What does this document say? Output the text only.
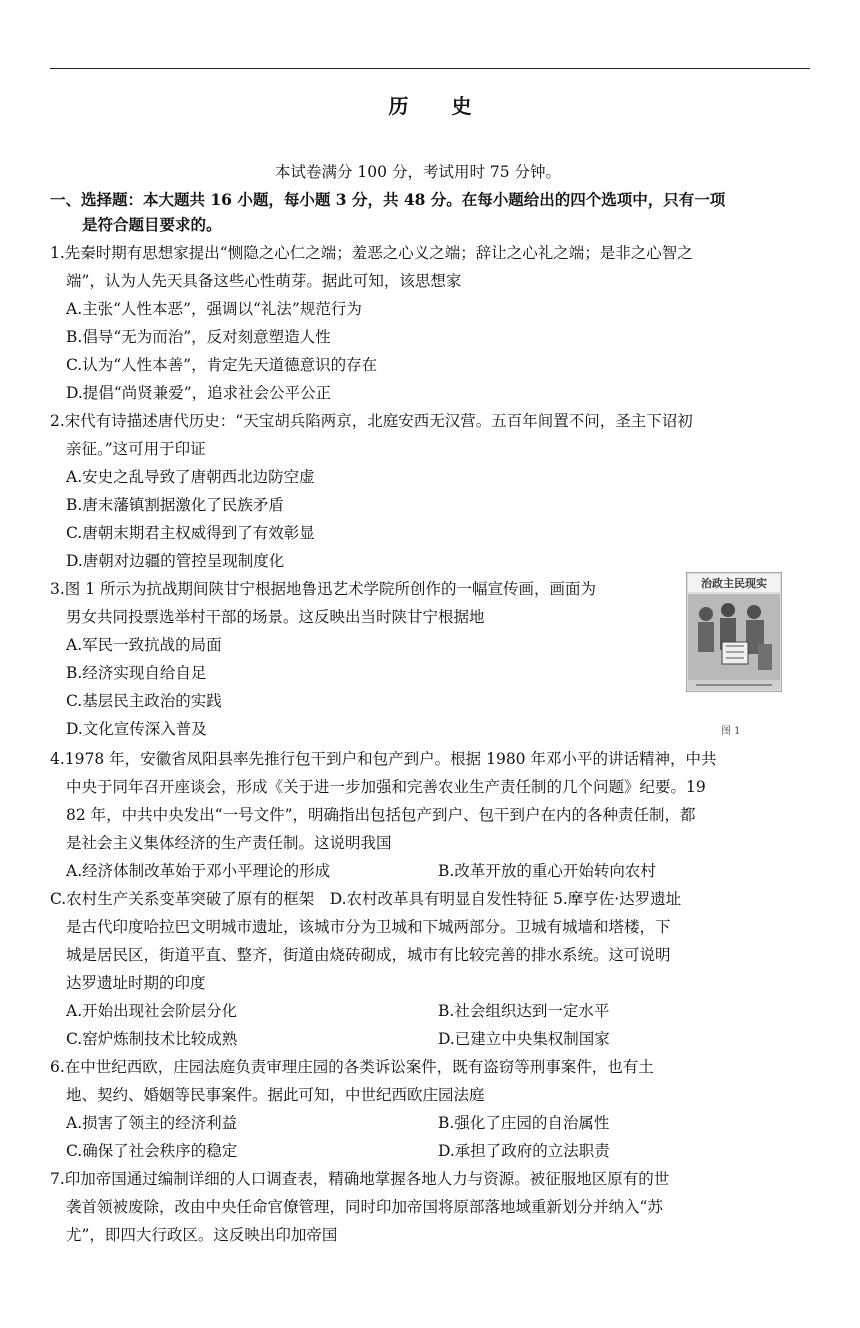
历 史
本试卷满分 100 分，考试用时 75 分钟。
一、选择题：本大题共 16 小题，每小题 3 分，共 48 分。在每小题给出的四个选项中，只有一项
是符合题目要求的。
1.先秦时期有思想家提出“恻隐之心仁之端；羞恶之心义之端；辞让之心礼之端；是非之心智之
端”，认为人先天具备这些心性萌芽。据此可知，该思想家
A.主张“人性本恶”，强调以“礼法”规范行为
B.倡导“无为而治”，反对刻意塑造人性
C.认为“人性本善”，肯定先天道德意识的存在
D.提倡“尚贤兼爱”，追求社会公平公正
2.宋代有诗描述唐代历史：“天宝胡兵陷两京，北庭安西无汉营。五百年间置不问，圣主下诏初
亲征。”这可用于印证
A.安史之乱导致了唐朝西北边防空虚
B.唐末藩镇割据激化了民族矛盾
C.唐朝末期君主权威得到了有效彰显
D.唐朝对边疆的管控呈现制度化
3.图 1 所示为抗战期间陕甘宁根据地鲁迅艺术学院所创作的一幅宣传画，画面为
男女共同投票选举村干部的场景。这反映出当时陕甘宁根据地
A.军民一致抗战的局面
B.经济实现自给自足
C.基层民主政治的实践
D.文化宣传深入普及
治政主民现实
图 1
4.1978 年，安徽省凤阳县率先推行包干到户和包产到户。根据 1980 年邓小平的讲话精神，中共
中央于同年召开座谈会，形成《关于进一步加强和完善农业生产责任制的几个问题》纪要。19
82 年，中共中央发出“一号文件”，明确指出包括包产到户、包干到户在内的各种责任制，都
是社会主义集体经济的生产责任制。这说明我国
A.经济体制改革始于邓小平理论的形成	B.改革开放的重心开始转向农村
C.农村生产关系变革突破了原有的框架　D.农村改革具有明显自发性特征 5.摩亨佐·达罗遗址
是古代印度哈拉巴文明城市遗址，该城市分为卫城和下城两部分。卫城有城墙和塔楼，下
城是居民区，街道平直、整齐，街道由烧砖砌成，城市有比较完善的排水系统。这可说明
达罗遗址时期的印度
A.开始出现社会阶层分化	B.社会组织达到一定水平
C.窑炉炼制技术比较成熟	D.已建立中央集权制国家
6.在中世纪西欧，庄园法庭负责审理庄园的各类诉讼案件，既有盗窃等刑事案件，也有土
地、契约、婚姻等民事案件。据此可知，中世纪西欧庄园法庭
A.损害了领主的经济利益	B.强化了庄园的自治属性
C.确保了社会秩序的稳定	D.承担了政府的立法职责
7.印加帝国通过编制详细的人口调查表，精确地掌握各地人力与资源。被征服地区原有的世
袭首领被废除，改由中央任命官僚管理，同时印加帝国将原部落地域重新划分并纳入“苏
尤”，即四大行政区。这反映出印加帝国
